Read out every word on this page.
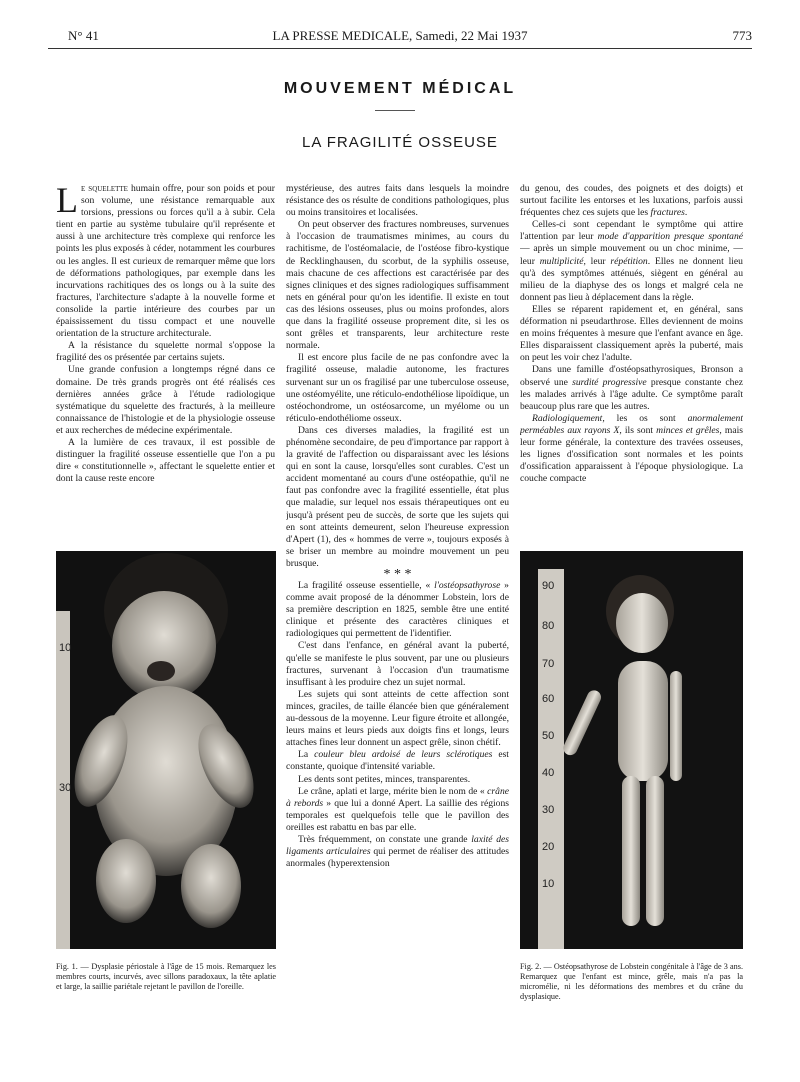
N° 41	LA PRESSE MEDICALE, Samedi, 22 Mai 1937	773
MOUVEMENT MÉDICAL
LA FRAGILITÉ OSSEUSE

Le squelette humain offre, pour son poids et pour son volume, une résistance remarquable aux torsions, pressions ou forces qu'il a à subir. Cela tient en partie au système tubulaire qu'il représente et aussi à une architecture très complexe qui renforce les points les plus exposés à céder, notamment les courbures ou les angles. Il est curieux de remarquer même que lors de déformations pathologiques, par exemple dans les incurvations rachitiques des os longs ou à la suite des fractures, l'architecture s'adapte à la nouvelle forme et consolide la partie intérieure des courbes par un épaississement du tissu compact et une nouvelle orientation de la structure architecturale.

A la résistance du squelette normal s'oppose la fragilité des os présentée par certains sujets.

Une grande confusion a longtemps régné dans ce domaine. De très grands progrès ont été réalisés ces dernières années grâce à l'étude radiologique systématique du squelette des fracturés, à la meilleure connaissance de l'histologie et de la physiologie osseuse et aux recherches de médecine expérimentale.

A la lumière de ces travaux, il est possible de distinguer la fragilité osseuse essentielle que l'on a pu dire « constitutionnelle », affectant le squelette entier et dont la cause reste encore

mystérieuse, des autres faits dans lesquels la moindre résistance des os résulte de conditions pathologiques, plus ou moins transitoires et localisées.

On peut observer des fractures nombreuses, survenues à l'occasion de traumatismes minimes, au cours du rachitisme, de l'ostéomalacie, de l'ostéose fibro-kystique de Recklinghausen, du scorbut, de la syphilis osseuse, mais chacune de ces affections est caractérisée par des signes cliniques et des signes radiologiques suffisamment nets en général pour qu'on les identifie. Il existe en tout cas des lésions osseuses, plus ou moins profondes, alors que dans la fragilité osseuse proprement dite, si les os sont grêles et transparents, leur architecture reste normale.

Il est encore plus facile de ne pas confondre avec la fragilité osseuse, maladie autonome, les fractures survenant sur un os fragilisé par une tuberculose osseuse, une ostéomyélite, une réticulo-endothéliose lipoïdique, un ostéochondrome, un ostéosarcome, un myélome ou un réticulo-endothéliome osseux.

Dans ces diverses maladies, la fragilité est un phénomène secondaire, de peu d'importance par rapport à la gravité de l'affection ou disparaissant avec les lésions qui en sont la cause, lorsqu'elles sont curables. C'est un accident momentané au cours d'une ostéopathie, qu'il ne faut pas confondre avec la fragilité essentielle, état plus que maladie, sur lequel nos essais thérapeutiques ont eu jusqu'à présent peu de succès, de sorte que les sujets qui en sont atteints demeurent, selon l'heureuse expression d'Apert (1), des « hommes de verre », toujours exposés à se briser un membre au moindre mouvement un peu brusque.

* * *

La fragilité osseuse essentielle, « l'ostéopsathyrose » comme avait proposé de la dénommer Lobstein, lors de sa première description en 1825, semble être une entité clinique et présente des caractères cliniques et radiologiques qui permettent de l'identifier.

C'est dans l'enfance, en général avant la puberté, qu'elle se manifeste le plus souvent, par une ou plusieurs fractures, survenant à l'occasion d'un traumatisme insuffisant à les produire chez un sujet normal.

Les sujets qui sont atteints de cette affection sont minces, graciles, de taille élancée bien que généralement au-dessous de la moyenne. Leur figure étroite et allongée, leurs mains et leurs pieds aux doigts fins et longs, leurs attaches fines leur donnent un aspect grêle, sinon chétif.

La couleur bleu ardoisé de leurs sclérotiques est constante, quoique d'intensité variable.

Les dents sont petites, minces, transparentes.

Le crâne, aplati et large, mérite bien le nom de « crâne à rebords » que lui a donné Apert. La saillie des régions temporales est quelquefois telle que le pavillon des oreilles est rabattu en bas par elle.

Très fréquemment, on constate une grande laxité des ligaments articulaires qui permet de réaliser des attitudes anormales (hyperextension

du genou, des coudes, des poignets et des doigts) et surtout facilite les entorses et les luxations, parfois aussi fréquentes chez ces sujets que les fractures.

Celles-ci sont cependant le symptôme qui attire l'attention par leur mode d'apparition presque spontané — après un simple mouvement ou un choc minime, — leur multiplicité, leur répétition. Elles ne donnent lieu qu'à des symptômes atténués, siègent en général au milieu de la diaphyse des os longs et malgré cela ne donnent pas lieu à déplacement dans la règle.

Elles se réparent rapidement et, en général, sans déformation ni pseudarthrose. Elles deviennent de moins en moins fréquentes à mesure que l'enfant avance en âge. Elles disparaissent classiquement après la puberté, mais on peut les voir chez l'adulte.

Dans une famille d'ostéopsathyrosiques, Bronson a observé une surdité progressive presque constante chez les malades arrivés à l'âge adulte. Ce symptôme paraît beaucoup plus rare que les autres.

Radiologiquement, les os sont anormalement perméables aux rayons X, ils sont minces et grêles, mais leur forme générale, la contexture des travées osseuses, les lignes d'ossification sont normales et les points d'ossification apparaissent à l'époque physiologique. La couche compacte

10
30
Fig. 1. — Dysplasie périostale à l'âge de 15 mois. Remarquez les membres courts, incurvés, avec sillons paradoxaux, la tête aplatie et large, la saillie pariétale rejetant le pavillon de l'oreille.
90
80
70
60
50
40
30
20
10
Fig. 2. — Ostéopsathyrose de Lobstein congénitale à l'âge de 3 ans. Remarquez que l'enfant est mince, grêle, mais n'a pas la micromélie, ni les déformations des membres et du crâne du dysplasique.
